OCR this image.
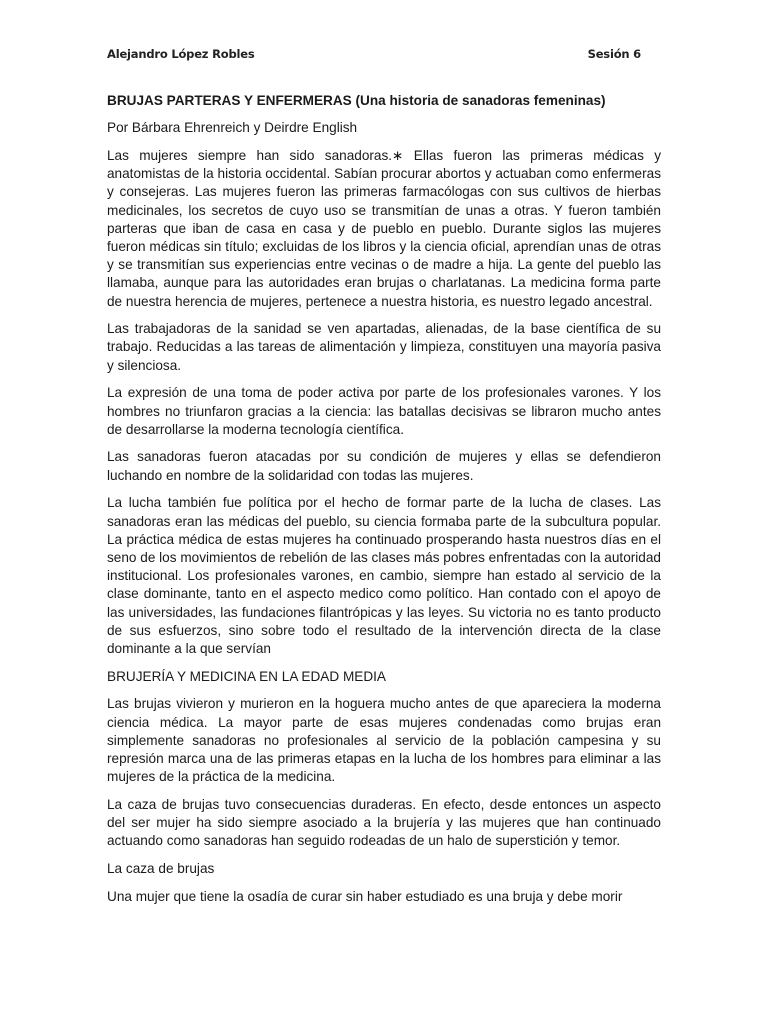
Alejandro López Robles	Sesión 6

BRUJAS PARTERAS Y ENFERMERAS (Una historia de sanadoras femeninas)

Por Bárbara Ehrenreich y Deirdre English

Las mujeres siempre han sido sanadoras.∗ Ellas fueron las primeras médicas y anatomistas de la historia occidental. Sabían procurar abortos y actuaban como enfermeras y consejeras. Las mujeres fueron las primeras farmacólogas con sus cultivos de hierbas medicinales, los secretos de cuyo uso se transmitían de unas a otras. Y fueron también parteras que iban de casa en casa y de pueblo en pueblo. Durante siglos las mujeres fueron médicas sin título; excluidas de los libros y la ciencia oficial, aprendían unas de otras y se transmitían sus experiencias entre vecinas o de madre a hija. La gente del pueblo las llamaba, aunque para las autoridades eran brujas o charlatanas. La medicina forma parte de nuestra herencia de mujeres, pertenece a nuestra historia, es nuestro legado ancestral.

Las trabajadoras de la sanidad se ven apartadas, alienadas, de la base científica de su trabajo. Reducidas a las tareas de alimentación y limpieza, constituyen una mayoría pasiva y silenciosa.

La expresión de una toma de poder activa por parte de los profesionales varones. Y los hombres no triunfaron gracias a la ciencia: las batallas decisivas se libraron mucho antes de desarrollarse la moderna tecnología científica.

Las sanadoras fueron atacadas por su condición de mujeres y ellas se defendieron luchando en nombre de la solidaridad con todas las mujeres.

La lucha también fue política por el hecho de formar parte de la lucha de clases. Las sanadoras eran las médicas del pueblo, su ciencia formaba parte de la subcultura popular. La práctica médica de estas mujeres ha continuado prosperando hasta nuestros días en el seno de los movimientos de rebelión de las clases más pobres enfrentadas con la autoridad institucional. Los profesionales varones, en cambio, siempre han estado al servicio de la clase dominante, tanto en el aspecto medico como político. Han contado con el apoyo de las universidades, las fundaciones filantrópicas y las leyes. Su victoria no es tanto producto de sus esfuerzos, sino sobre todo el resultado de la intervención directa de la clase dominante a la que servían

BRUJERÍA Y MEDICINA EN LA EDAD MEDIA

Las brujas vivieron y murieron en la hoguera mucho antes de que apareciera la moderna ciencia médica. La mayor parte de esas mujeres condenadas como brujas eran simplemente sanadoras no profesionales al servicio de la población campesina y su represión marca una de las primeras etapas en la lucha de los hombres para eliminar a las mujeres de la práctica de la medicina.

La caza de brujas tuvo consecuencias duraderas. En efecto, desde entonces un aspecto del ser mujer ha sido siempre asociado a la brujería y las mujeres que han continuado actuando como sanadoras han seguido rodeadas de un halo de superstición y temor.

La caza de brujas

Una mujer que tiene la osadía de curar sin haber estudiado es una bruja y debe morir
